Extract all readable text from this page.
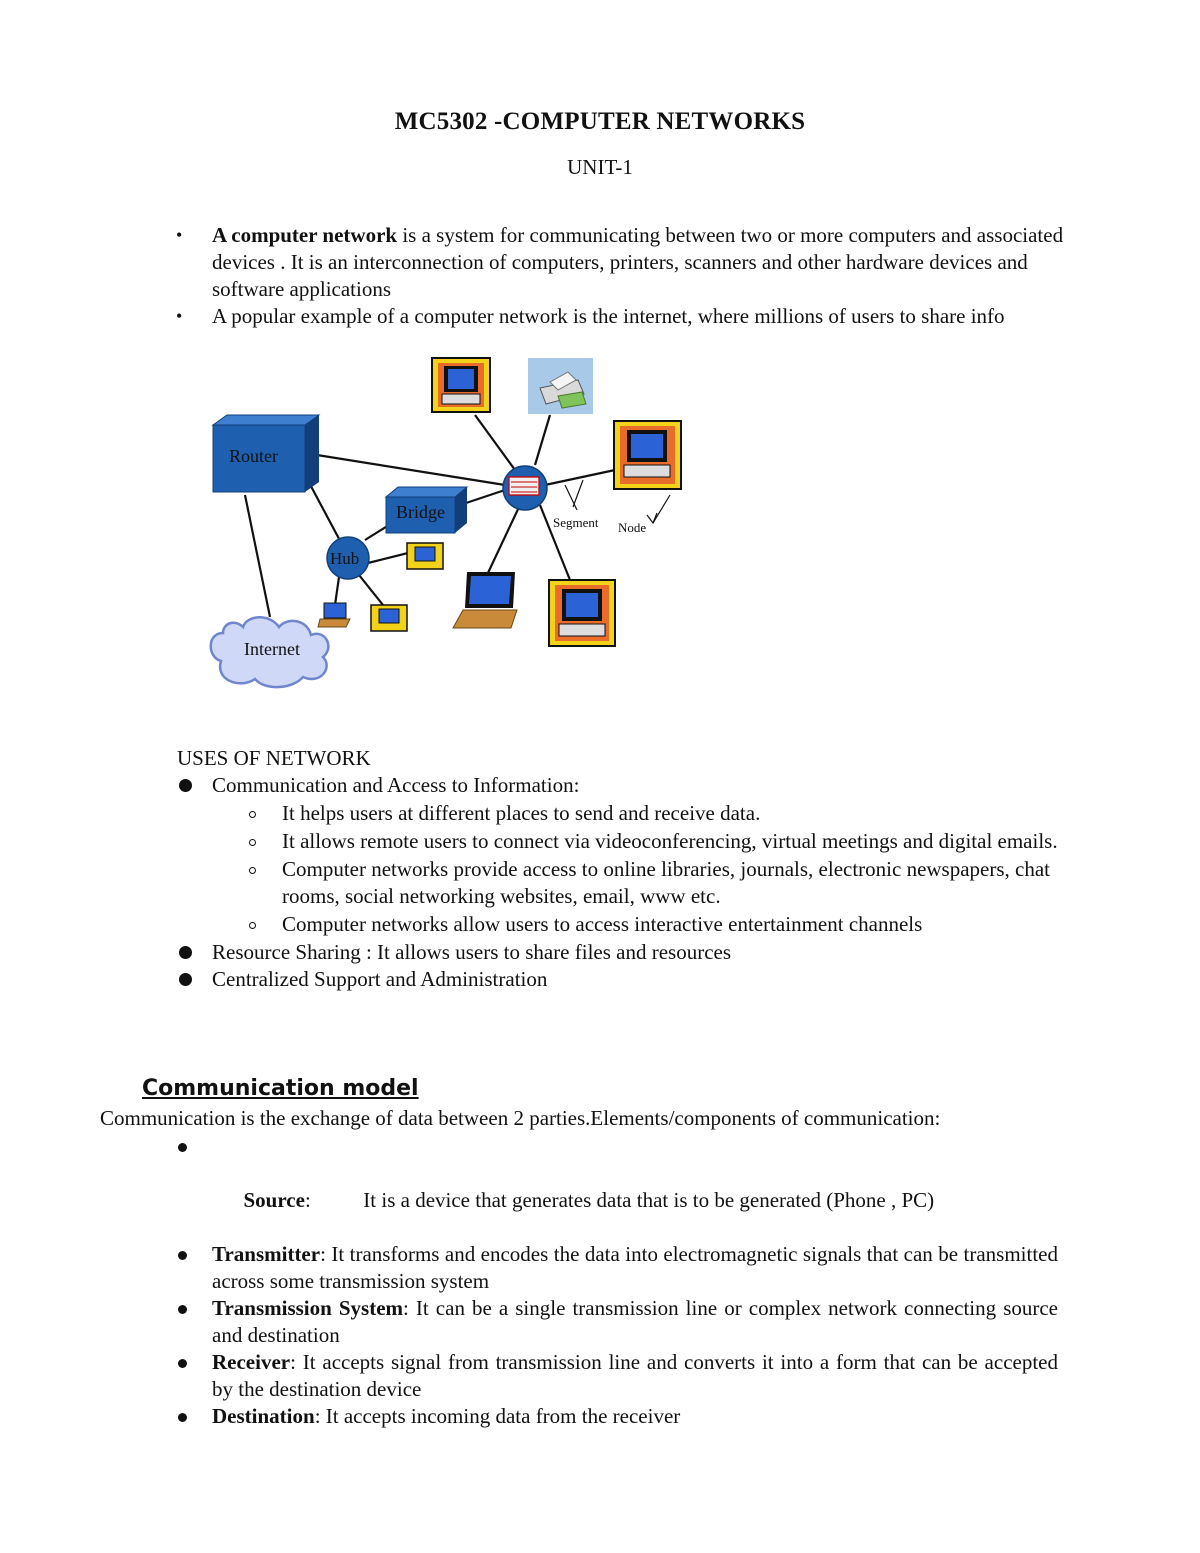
MC5302 -COMPUTER NETWORKS
UNIT-1
• A computer network is a system for communicating between two or more computers and associated devices . It is an interconnection of computers, printers, scanners and other hardware devices and software applications
• A popular example of a computer network is the internet, where millions of users to share info
Router
Bridge
Hub
Internet
Segment Node
USES OF NETWORK
Communication and Access to Information:
It helps users at different places to send and receive data.
It allows remote users to connect via videoconferencing, virtual meetings and digital emails.
Computer networks provide access to online libraries, journals, electronic newspapers, chat rooms, social networking websites, email, www etc.
Computer networks allow users to access interactive entertainment channels
Resource Sharing : It allows users to share files and resources
Centralized Support and Administration
Communication model
Communication is the exchange of data between 2 parties.Elements/components of communication:

Source:          It is a device that generates data that is to be generated (Phone , PC)

Transmitter: It transforms and encodes the data into electromagnetic signals that can be transmitted across some transmission system
Transmission System: It can be a single transmission line or complex network connecting source and destination
Receiver: It accepts signal from transmission line and converts it into a form that can be accepted by the destination device
Destination: It accepts incoming data from the receiver
